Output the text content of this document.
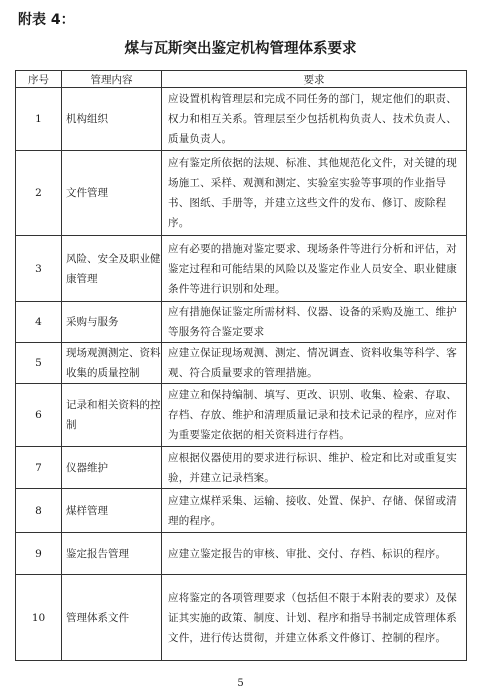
附表 4：
煤与瓦斯突出鉴定机构管理体系要求
序号	管理内容	要求
1	机构组织	应设置机构管理层和完成不同任务的部门，规定他们的职责、权力和相互关系。管理层至少包括机构负责人、技术负责人、质量负责人。
2	文件管理	应有鉴定所依据的法规、标准、其他规范化文件，对关键的现场施工、采样、观测和测定、实验室实验等事项的作业指导书、图纸、手册等，并建立这些文件的发布、修订、废除程序。
3	风险、安全及职业健康管理	应有必要的措施对鉴定要求、现场条件等进行分析和评估，对鉴定过程和可能结果的风险以及鉴定作业人员安全、职业健康条件等进行识别和处理。
4	采购与服务	应有措施保证鉴定所需材料、仪器、设备的采购及施工、维护等服务符合鉴定要求
5	现场观测测定、资料收集的质量控制	应建立保证现场观测、测定、情况调查、资料收集等科学、客观、符合质量要求的管理措施。
6	记录和相关资料的控制	应建立和保持编制、填写、更改、识别、收集、检索、存取、存档、存放、维护和清理质量记录和技术记录的程序，应对作为重要鉴定依据的相关资料进行存档。
7	仪器维护	应根据仪器使用的要求进行标识、维护、检定和比对或重复实验，并建立记录档案。
8	煤样管理	应建立煤样采集、运输、接收、处置、保护、存储、保留或清理的程序。
9	鉴定报告管理	应建立鉴定报告的审核、审批、交付、存档、标识的程序。
10	管理体系文件	应将鉴定的各项管理要求（包括但不限于本附表的要求）及保证其实施的政策、制度、计划、程序和指导书制定成管理体系文件，进行传达贯彻，并建立体系文件修订、控制的程序。
5
